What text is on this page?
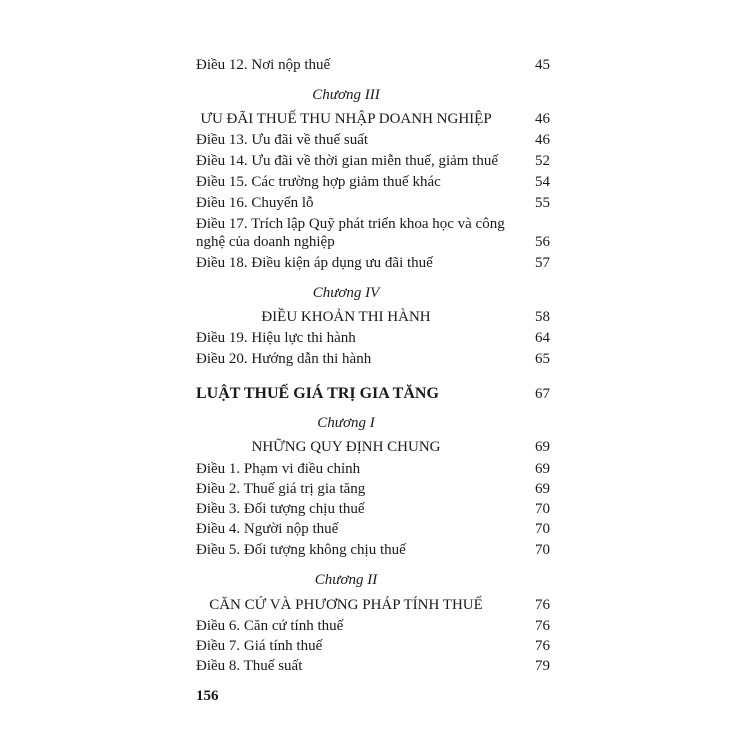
Điều 12. Nơi nộp thuế	45
Chương III
ƯU ĐÃI THUẾ THU NHẬP DOANH NGHIỆP	46
Điều 13. Ưu đãi về thuế suất	46
Điều 14. Ưu đãi về thời gian miễn thuế, giảm thuế 52
Điều 15. Các trường hợp giảm thuế khác	54
Điều 16. Chuyển lỗ	55
Điều 17. Trích lập Quỹ phát triển khoa học và công
nghệ của doanh nghiệp	56
Điều 18. Điều kiện áp dụng ưu đãi thuế	57
Chương IV
ĐIỀU KHOẢN THI HÀNH	58
Điều 19. Hiệu lực thi hành	64
Điều 20. Hướng dẫn thi hành	65
LUẬT THUẾ GIÁ TRỊ GIA TĂNG	67
Chương I
NHỮNG QUY ĐỊNH CHUNG	69
Điều 1. Phạm vi điều chỉnh	69
Điều 2. Thuế giá trị gia tăng	69
Điều 3. Đối tượng chịu thuế	70
Điều 4. Người nộp thuế	70
Điều 5. Đối tượng không chịu thuế	70
Chương II
CĂN CỨ VÀ PHƯƠNG PHÁP TÍNH THUẾ	76
Điều 6. Căn cứ tính thuế	76
Điều 7. Giá tính thuế	76
Điều 8. Thuế suất	79
156
